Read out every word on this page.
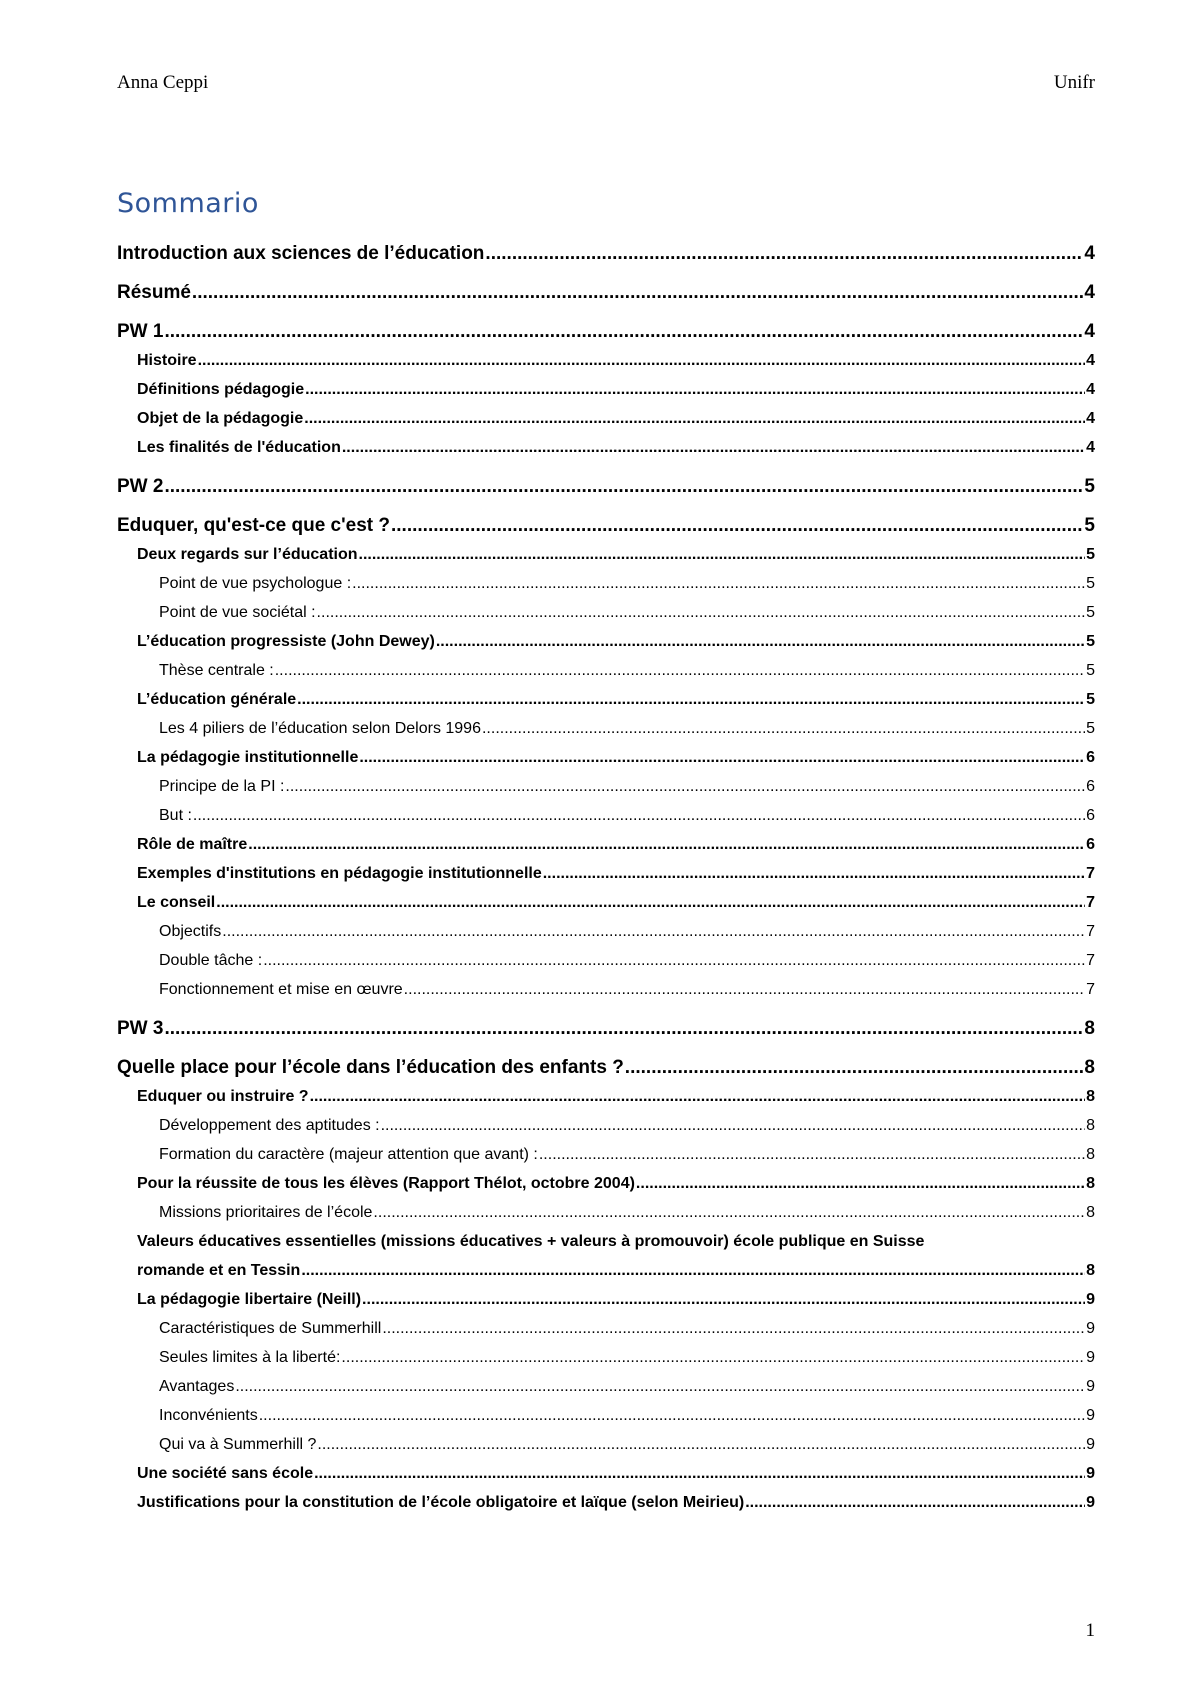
Anna Ceppi	Unifr
Sommario
Introduction aux sciences de l’éducation .....	4
Résumé .....	4
PW 1 .....	4
Histoire .....	4
Définitions pédagogie .....	4
Objet de la pédagogie .....	4
Les finalités de l'éducation .....	4
PW 2 .....	5
Eduquer, qu'est-ce que c'est ? .....	5
Deux regards sur l’éducation .....	5
Point de vue psychologue : .....	5
Point de vue sociétal : .....	5
L’éducation progressiste (John Dewey) .....	5
Thèse centrale : .....	5
L’éducation générale .....	5
Les 4 piliers de l’éducation selon Delors 1996 .....	5
La pédagogie institutionnelle .....	6
Principe de la PI : .....	6
But : .....	6
Rôle de maître .....	6
Exemples d'institutions en pédagogie institutionnelle .....	7
Le conseil .....	7
Objectifs .....	7
Double tâche : .....	7
Fonctionnement et mise en œuvre .....	7
PW 3 .....	8
Quelle place pour l’école dans l’éducation des enfants ? .....	8
Eduquer ou instruire ? .....	8
Développement des aptitudes : .....	8
Formation du caractère (majeur attention que avant) : .....	8
Pour la réussite de tous les élèves (Rapport Thélot, octobre 2004) .....	8
Missions prioritaires de l’école .....	8
Valeurs éducatives essentielles (missions éducatives + valeurs à promouvoir) école publique en Suisse
romande et en Tessin .....	8
La pédagogie libertaire (Neill) .....	9
Caractéristiques de Summerhill .....	9
Seules limites à la liberté: .....	9
Avantages .....	9
Inconvénients .....	9
Qui va à Summerhill ? .....	9
Une société sans école .....	9
Justifications pour la constitution de l’école obligatoire et laïque (selon Meirieu) .....	9
1
